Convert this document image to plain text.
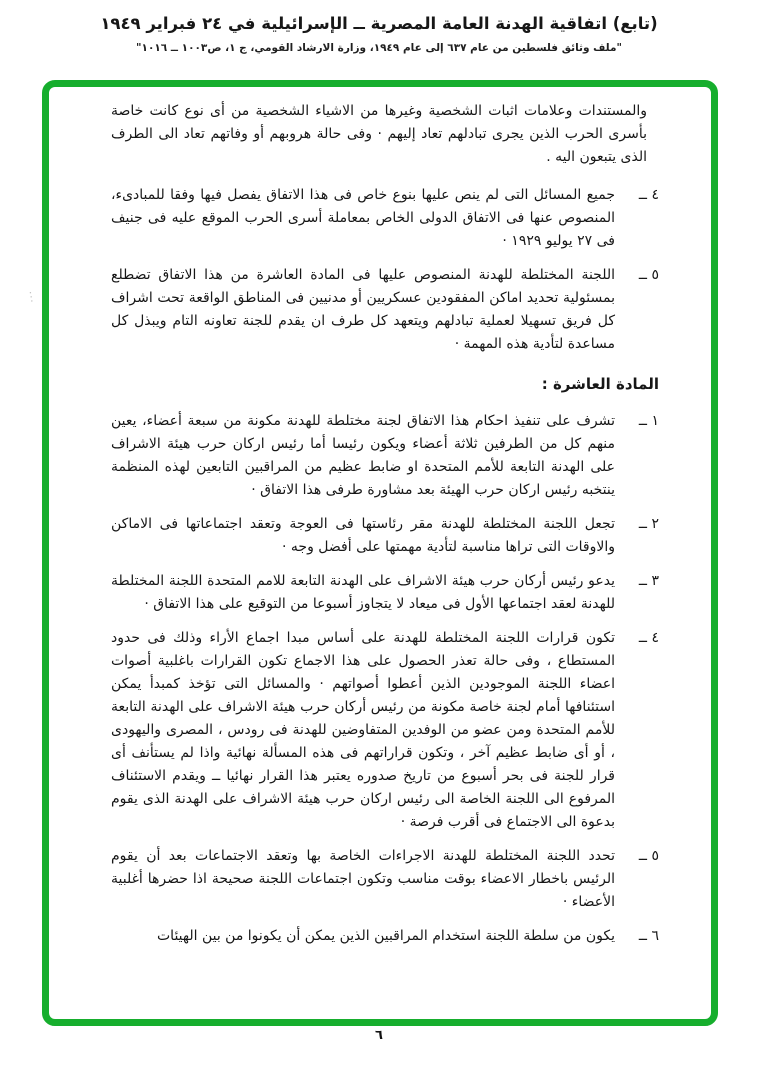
(تابع) اتفاقية الهدنة العامة المصرية ــ الإسرائيلية في ٢٤ فبراير ١٩٤٩
"ملف وثائق فلسطين من عام ٦٣٧ إلى عام ١٩٤٩، وزارة الارشاد القومي، ج ١، ص١٠٠٣ ــ ١٠١٦"

والمستندات وعلامات اثبات الشخصية وغيرها من الاشياء الشخصية من أى نوع كانت خاصة بأسرى الحرب الذين يجرى تبادلهم تعاد إليهم · وفى حالة هروبهم أو وفاتهم تعاد الى الطرف الذى يتبعون اليه .

٤ ــ
جميع المسائل التى لم ينص عليها بنوع خاص فى هذا الاتفاق يفصل فيها وفقا للمبادىء، المنصوص عنها فى الاتفاق الدولى الخاص بمعاملة أسرى الحرب الموقع عليه فى جنيف فى ٢٧ يوليو ١٩٢٩ ·
٥ ــ
اللجنة المختلطة للهدنة المنصوص عليها فى المادة العاشرة من هذا الاتفاق تضطلع بمسئولية تحديد اماكن المفقودين عسكريين أو مدنيين فى المناطق الواقعة تحت اشراف كل فريق تسهيلا لعملية تبادلهم ويتعهد كل طرف ان يقدم للجنة تعاونه التام ويبذل كل مساعدة لتأدية هذه المهمة ·
المادة العاشرة :
١ ــ
تشرف على تنفيذ احكام هذا الاتفاق لجنة مختلطة للهدنة مكونة من سبعة أعضاء، يعين منهم كل من الطرفين ثلاثة أعضاء ويكون رئيسا أما رئيس اركان حرب هيئة الاشراف على الهدنة التابعة للأمم المتحدة او ضابط عظيم من المراقبين التابعين لهذه المنظمة ينتخبه رئيس اركان حرب الهيئة بعد مشاورة طرفى هذا الاتفاق ·
٢ ــ
تجعل اللجنة المختلطة للهدنة مقر رئاستها فى العوجة وتعقد اجتماعاتها فى الاماكن والاوقات التى تراها مناسبة لتأدية مهمتها على أفضل وجه ·
٣ ــ
يدعو رئيس أركان حرب هيئة الاشراف على الهدنة التابعة للامم المتحدة اللجنة المختلطة للهدنة لعقد اجتماعها الأول فى ميعاد لا يتجاوز أسبوعا من التوقيع على هذا الاتفاق ·
٤ ــ
تكون قرارات اللجنة المختلطة للهدنة على أساس مبدا اجماع الأراء وذلك فى حدود المستطاع ، وفى حالة تعذر الحصول على هذا الاجماع تكون القرارات باغلبية أصوات اعضاء اللجنة الموجودين الذين أعطوا أصواتهم · والمسائل التى تؤخذ كمبدأ يمكن استئنافها أمام لجنة خاصة مكونة من رئيس أركان حرب هيئة الاشراف على الهدنة التابعة للأمم المتحدة ومن عضو من الوفدين المتفاوضين للهدنة فى رودس ، المصرى واليهودى ، أو أى ضابط عظيم آخر ، وتكون قراراتهم فى هذه المسألة نهائية واذا لم يستأنف أى قرار للجنة فى بحر أسبوع من تاريخ صدوره يعتبر هذا القرار نهائيا ــ ويقدم الاستئناف المرفوع الى اللجنة الخاصة الى رئيس اركان حرب هيئة الاشراف على الهدنة الذى يقوم بدعوة الى الاجتماع فى أقرب فرصة ·
٥ ــ
تحدد اللجنة المختلطة للهدنة الاجراءات الخاصة بها وتعقد الاجتماعات بعد أن يقوم الرئيس باخطار الاعضاء بوقت مناسب وتكون اجتماعات اللجنة صحيحة اذا حضرها أغلبية الأعضاء ·
٦ ــ
يكون من سلطة اللجنة استخدام المراقبين الذين يمكن أن يكونوا من بين الهيئات
···
٦
